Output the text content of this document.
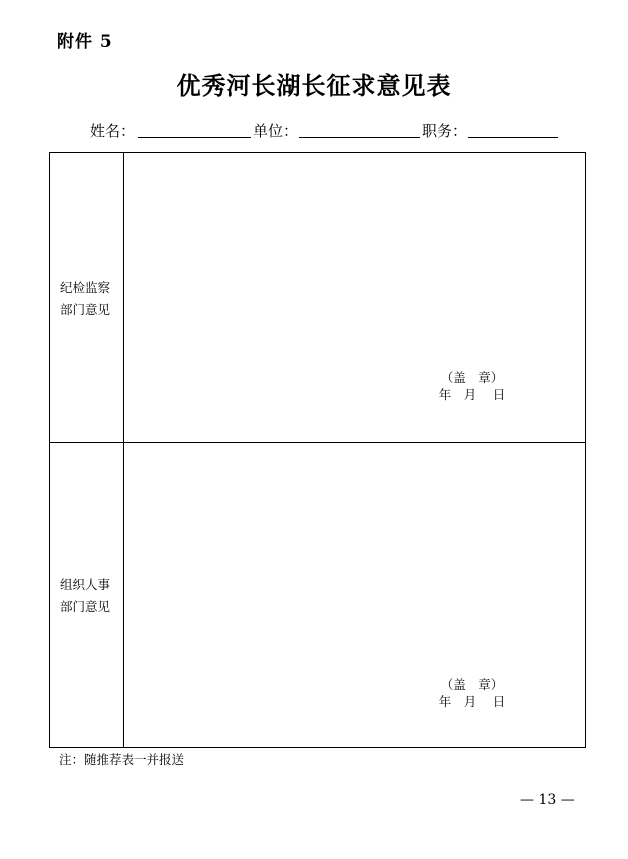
附件 5
优秀河长湖长征求意见表
姓名：	单位：	职务：
纪检监察
部门意见
（盖　章）
年　月　 日
组织人事
部门意见
（盖　章）
年　月　 日
注：随推荐表一并报送
— 13 —
